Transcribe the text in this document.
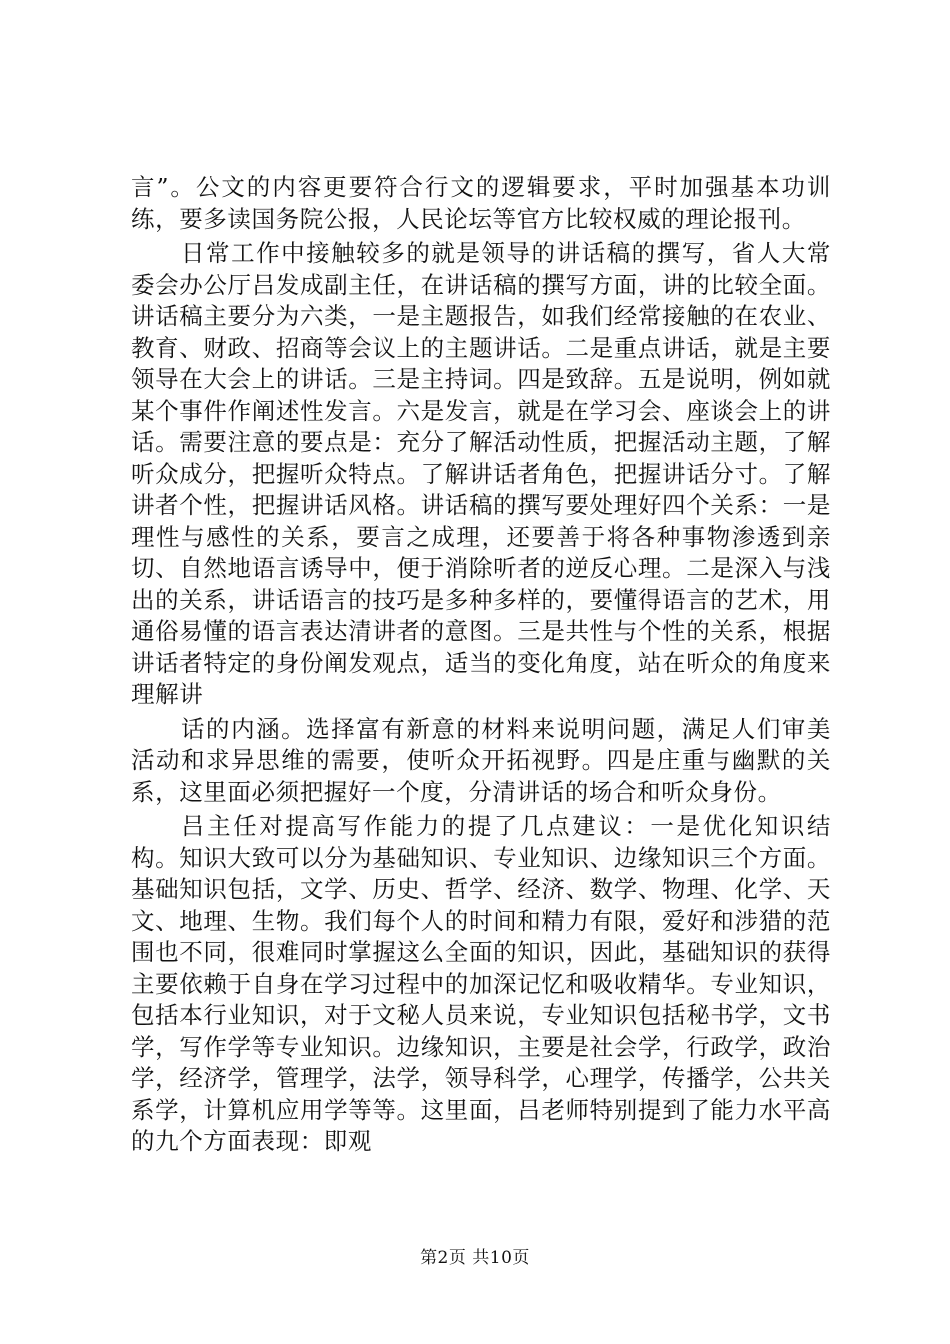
言”。公文的内容更要符合行文的逻辑要求，平时加强基本功训练，要多读国务院公报，人民论坛等官方比较权威的理论报刊。

日常工作中接触较多的就是领导的讲话稿的撰写，省人大常委会办公厅吕发成副主任，在讲话稿的撰写方面，讲的比较全面。讲话稿主要分为六类，一是主题报告，如我们经常接触的在农业、教育、财政、招商等会议上的主题讲话。二是重点讲话，就是主要领导在大会上的讲话。三是主持词。四是致辞。五是说明，例如就某个事件作阐述性发言。六是发言，就是在学习会、座谈会上的讲话。需要注意的要点是：充分了解活动性质，把握活动主题，了解听众成分，把握听众特点。了解讲话者角色，把握讲话分寸。了解讲者个性，把握讲话风格。讲话稿的撰写要处理好四个关系：一是理性与感性的关系，要言之成理，还要善于将各种事物渗透到亲切、自然地语言诱导中，便于消除听者的逆反心理。二是深入与浅出的关系，讲话语言的技巧是多种多样的，要懂得语言的艺术，用通俗易懂的语言表达清讲者的意图。三是共性与个性的关系，根据讲话者特定的身份阐发观点，适当的变化角度，站在听众的角度来理解讲

话的内涵。选择富有新意的材料来说明问题，满足人们审美活动和求异思维的需要，使听众开拓视野。四是庄重与幽默的关系，这里面必须把握好一个度，分清讲话的场合和听众身份。

吕主任对提高写作能力的提了几点建议：一是优化知识结构。知识大致可以分为基础知识、专业知识、边缘知识三个方面。基础知识包括，文学、历史、哲学、经济、数学、物理、化学、天文、地理、生物。我们每个人的时间和精力有限，爱好和涉猎的范围也不同，很难同时掌握这么全面的知识，因此，基础知识的获得主要依赖于自身在学习过程中的加深记忆和吸收精华。专业知识，包括本行业知识，对于文秘人员来说，专业知识包括秘书学，文书学，写作学等专业知识。边缘知识，主要是社会学，行政学，政治学，经济学，管理学，法学，领导科学，心理学，传播学，公共关系学，计算机应用学等等。这里面，吕老师特别提到了能力水平高的九个方面表现：即观

第2页 共10页
